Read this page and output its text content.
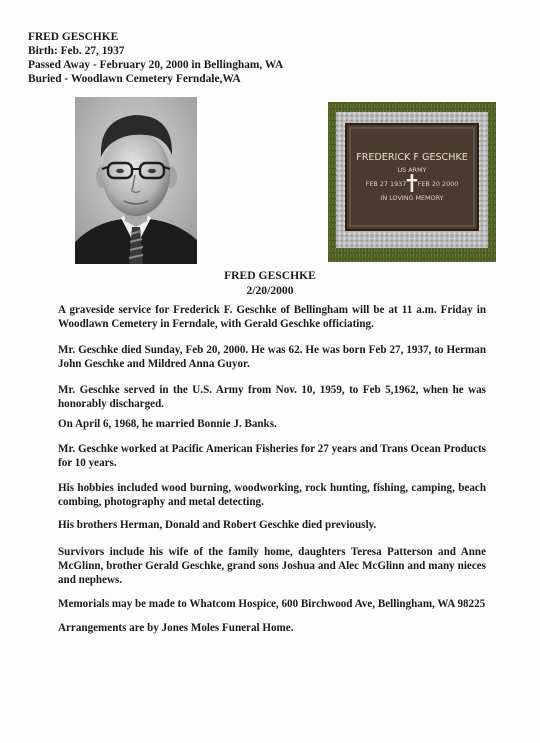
FRED GESCHKE
Birth: Feb. 27, 1937
Passed Away - February 20, 2000 in Bellingham, WA
Buried - Woodlawn Cemetery Ferndale,WA
FREDERICK F GESCHKE
US ARMY
FEB 27 1937 FEB 20 2000
IN LOVING MEMORY
FRED GESCHKE
2/20/2000
A graveside service for Frederick F. Geschke of Bellingham will be at 11 a.m. Friday in Woodlawn Cemetery in Ferndale, with Gerald Geschke officiating.
Mr. Geschke died Sunday, Feb 20, 2000. He was 62. He was born Feb 27, 1937, to Herman John Geschke and Mildred Anna Guyor.
Mr. Geschke served in the U.S. Army from Nov. 10, 1959, to Feb 5,1962, when he was honorably discharged.
On April 6, 1968, he married Bonnie J. Banks.
Mr. Geschke worked at Pacific American Fisheries for 27 years and Trans Ocean Products for 10 years.
His hobbies included wood burning, woodworking, rock hunting, fishing, camping, beach combing, photography and metal detecting.
His brothers Herman, Donald and Robert Geschke died previously.
Survivors include his wife of the family home, daughters Teresa Patterson and Anne McGlinn, brother Gerald Geschke, grand sons Joshua and Alec McGlinn and many nieces and nephews.
Memorials may be made to Whatcom Hospice, 600 Birchwood Ave, Bellingham, WA 98225
Arrangements are by Jones Moles Funeral Home.
